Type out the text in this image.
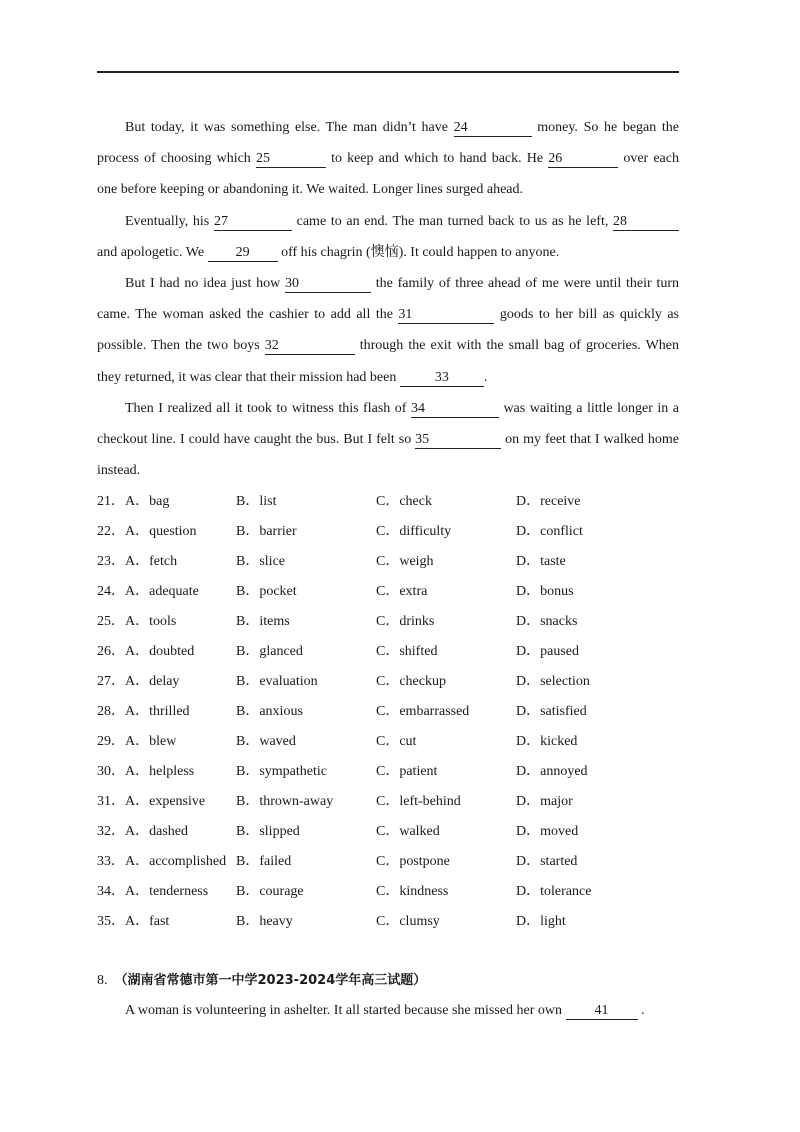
But today, it was something else. The man didn’t have 24	money. So he began the
process of choosing which 25	to keep and which to hand back. He 26	over each
one before keeping or abandoning it. We waited. Longer lines surged ahead.
Eventually, his 27	came to an end. The man turned back to us as he left, 28
and apologetic. We 29 off his chagrin (懊恼). It could happen to anyone.
But I had no idea just how 30	the family of three ahead of me were until their turn
came. The woman asked the cashier to add all the 31	goods to her bill as quickly as
possible. Then the two boys 32	through the exit with the small bag of groceries. When
they returned, it was clear that their mission had been	33	.
Then I realized all it took to witness this flash of 34	was waiting a little longer in a
checkout line. I could have caught the bus. But I felt so 35	on my feet that I walked home
instead.
21．A．bag	B．list	C．check	D．receive
22．A．question	B．barrier	C．difficulty	D．conflict
23．A．fetch	B．slice	C．weigh	D．taste
24．A．adequate	B．pocket	C．extra	D．bonus
25．A．tools	B．items	C．drinks	D．snacks
26．A．doubted	B．glanced	C．shifted	D．paused
27．A．delay	B．evaluation	C．checkup	D．selection
28．A．thrilled	B．anxious	C．embarrassed	D．satisfied
29．A．blew	B．waved	C．cut	D．kicked
30．A．helpless	B．sympathetic	C．patient	D．annoyed
31．A．expensive B．thrown-away	C．left-behind	D．major
32．A．dashed	B．slipped	C．walked	D．moved
33．A．accomplished B．failed	C．postpone	D．started
34．A．tenderness B．courage	C．kindness	D．tolerance
35．A．fast	B．heavy	C．clumsy	D．light
8. （湖南省常德市第一中学2023-2024学年高三试题）
A woman is volunteering in ashelter. It all started because she missed her own 41 .
